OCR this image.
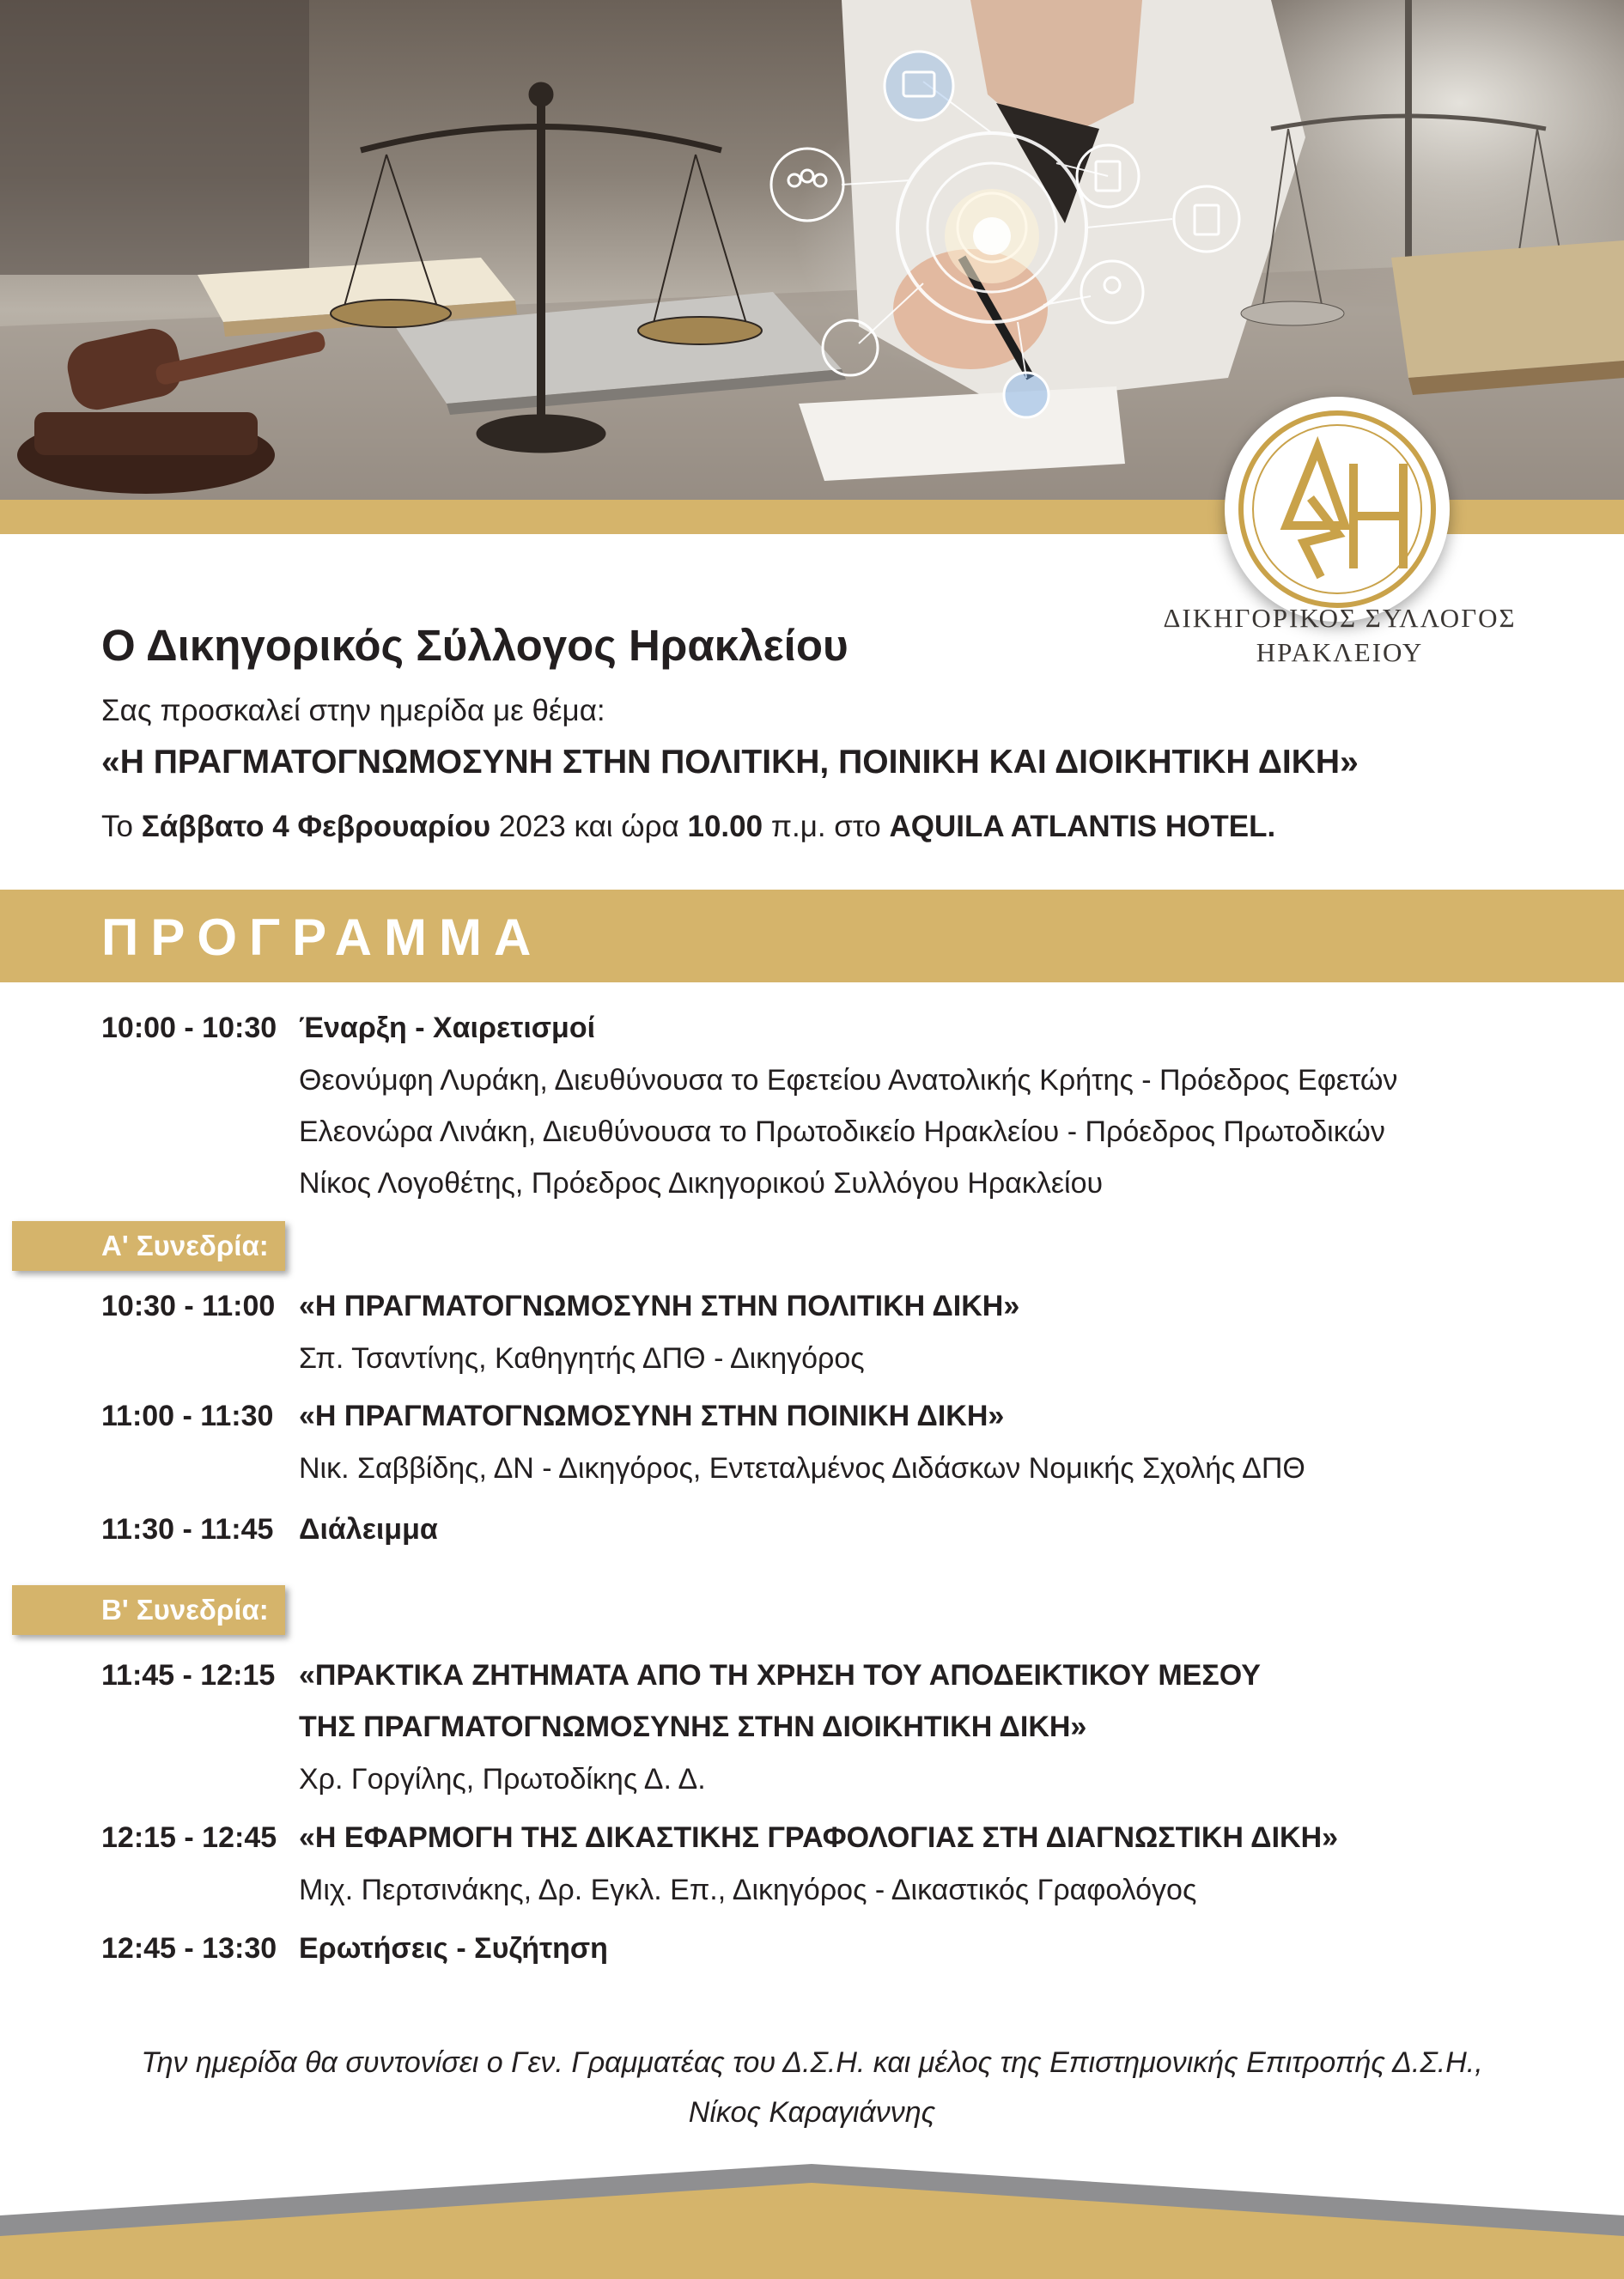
ΔΙΚΗΓΟΡΙΚΟΣ ΣΥΛΛΟΓΟΣ
ΗΡΑΚΛΕΙΟΥ
Ο Δικηγορικός Σύλλογος Ηρακλείου
Σας προσκαλεί στην ημερίδα με θέμα:
«Η ΠΡΑΓΜΑΤΟΓΝΩΜΟΣΥΝΗ ΣΤΗΝ ΠΟΛΙΤΙΚΗ, ΠΟΙΝΙΚΗ ΚΑΙ ΔΙΟΙΚΗΤΙΚΗ ΔΙΚΗ»
Το Σάββατο 4 Φεβρουαρίου 2023 και ώρα 10.00 π.μ. στο AQUILA ATLANTIS HOTEL.
ΠΡΟΓΡΑΜΜΑ
10:00 - 10:30 Έναρξη - Χαιρετισμοί
Θεονύμφη Λυράκη, Διευθύνουσα το Εφετείου Ανατολικής Κρήτης - Πρόεδρος Εφετών
Ελεονώρα Λινάκη, Διευθύνουσα το Πρωτοδικείο Ηρακλείου - Πρόεδρος Πρωτοδικών
Νίκος Λογοθέτης, Πρόεδρος Δικηγορικού Συλλόγου Ηρακλείου
Α' Συνεδρία:
10:30 - 11:00 «Η ΠΡΑΓΜΑΤΟΓΝΩΜΟΣΥΝΗ ΣΤΗΝ ΠΟΛΙΤΙΚΗ ΔΙΚΗ»
Σπ. Τσαντίνης, Καθηγητής ΔΠΘ - Δικηγόρος
11:00 - 11:30 «Η ΠΡΑΓΜΑΤΟΓΝΩΜΟΣΥΝΗ ΣΤΗΝ ΠΟΙΝΙΚΗ ΔΙΚΗ»
Νικ. Σαββίδης, ΔΝ - Δικηγόρος, Εντεταλμένος Διδάσκων Νομικής Σχολής ΔΠΘ
11:30 - 11:45 Διάλειμμα
Β' Συνεδρία:
11:45 - 12:15 «ΠΡΑΚΤΙΚΑ ΖΗΤΗΜΑΤΑ ΑΠΟ ΤΗ ΧΡΗΣΗ ΤΟΥ ΑΠΟΔΕΙΚΤΙΚΟΥ ΜΕΣΟΥ
ΤΗΣ ΠΡΑΓΜΑΤΟΓΝΩΜΟΣΥΝΗΣ ΣΤΗΝ ΔΙΟΙΚΗΤΙΚΗ ΔΙΚΗ»
Χρ. Γοργίλης, Πρωτοδίκης Δ. Δ.
12:15 - 12:45 «Η ΕΦΑΡΜΟΓΗ ΤΗΣ ΔΙΚΑΣΤΙΚΗΣ ΓΡΑΦΟΛΟΓΙΑΣ ΣΤΗ ΔΙΑΓΝΩΣΤΙΚΗ ΔΙΚΗ»
Μιχ. Περτσινάκης, Δρ. Εγκλ. Επ., Δικηγόρος - Δικαστικός Γραφολόγος
12:45 - 13:30 Ερωτήσεις - Συζήτηση
Την ημερίδα θα συντονίσει ο Γεν. Γραμματέας του Δ.Σ.Η. και μέλος της Επιστημονικής Επιτροπής Δ.Σ.Η.,
Νίκος Καραγιάννης
